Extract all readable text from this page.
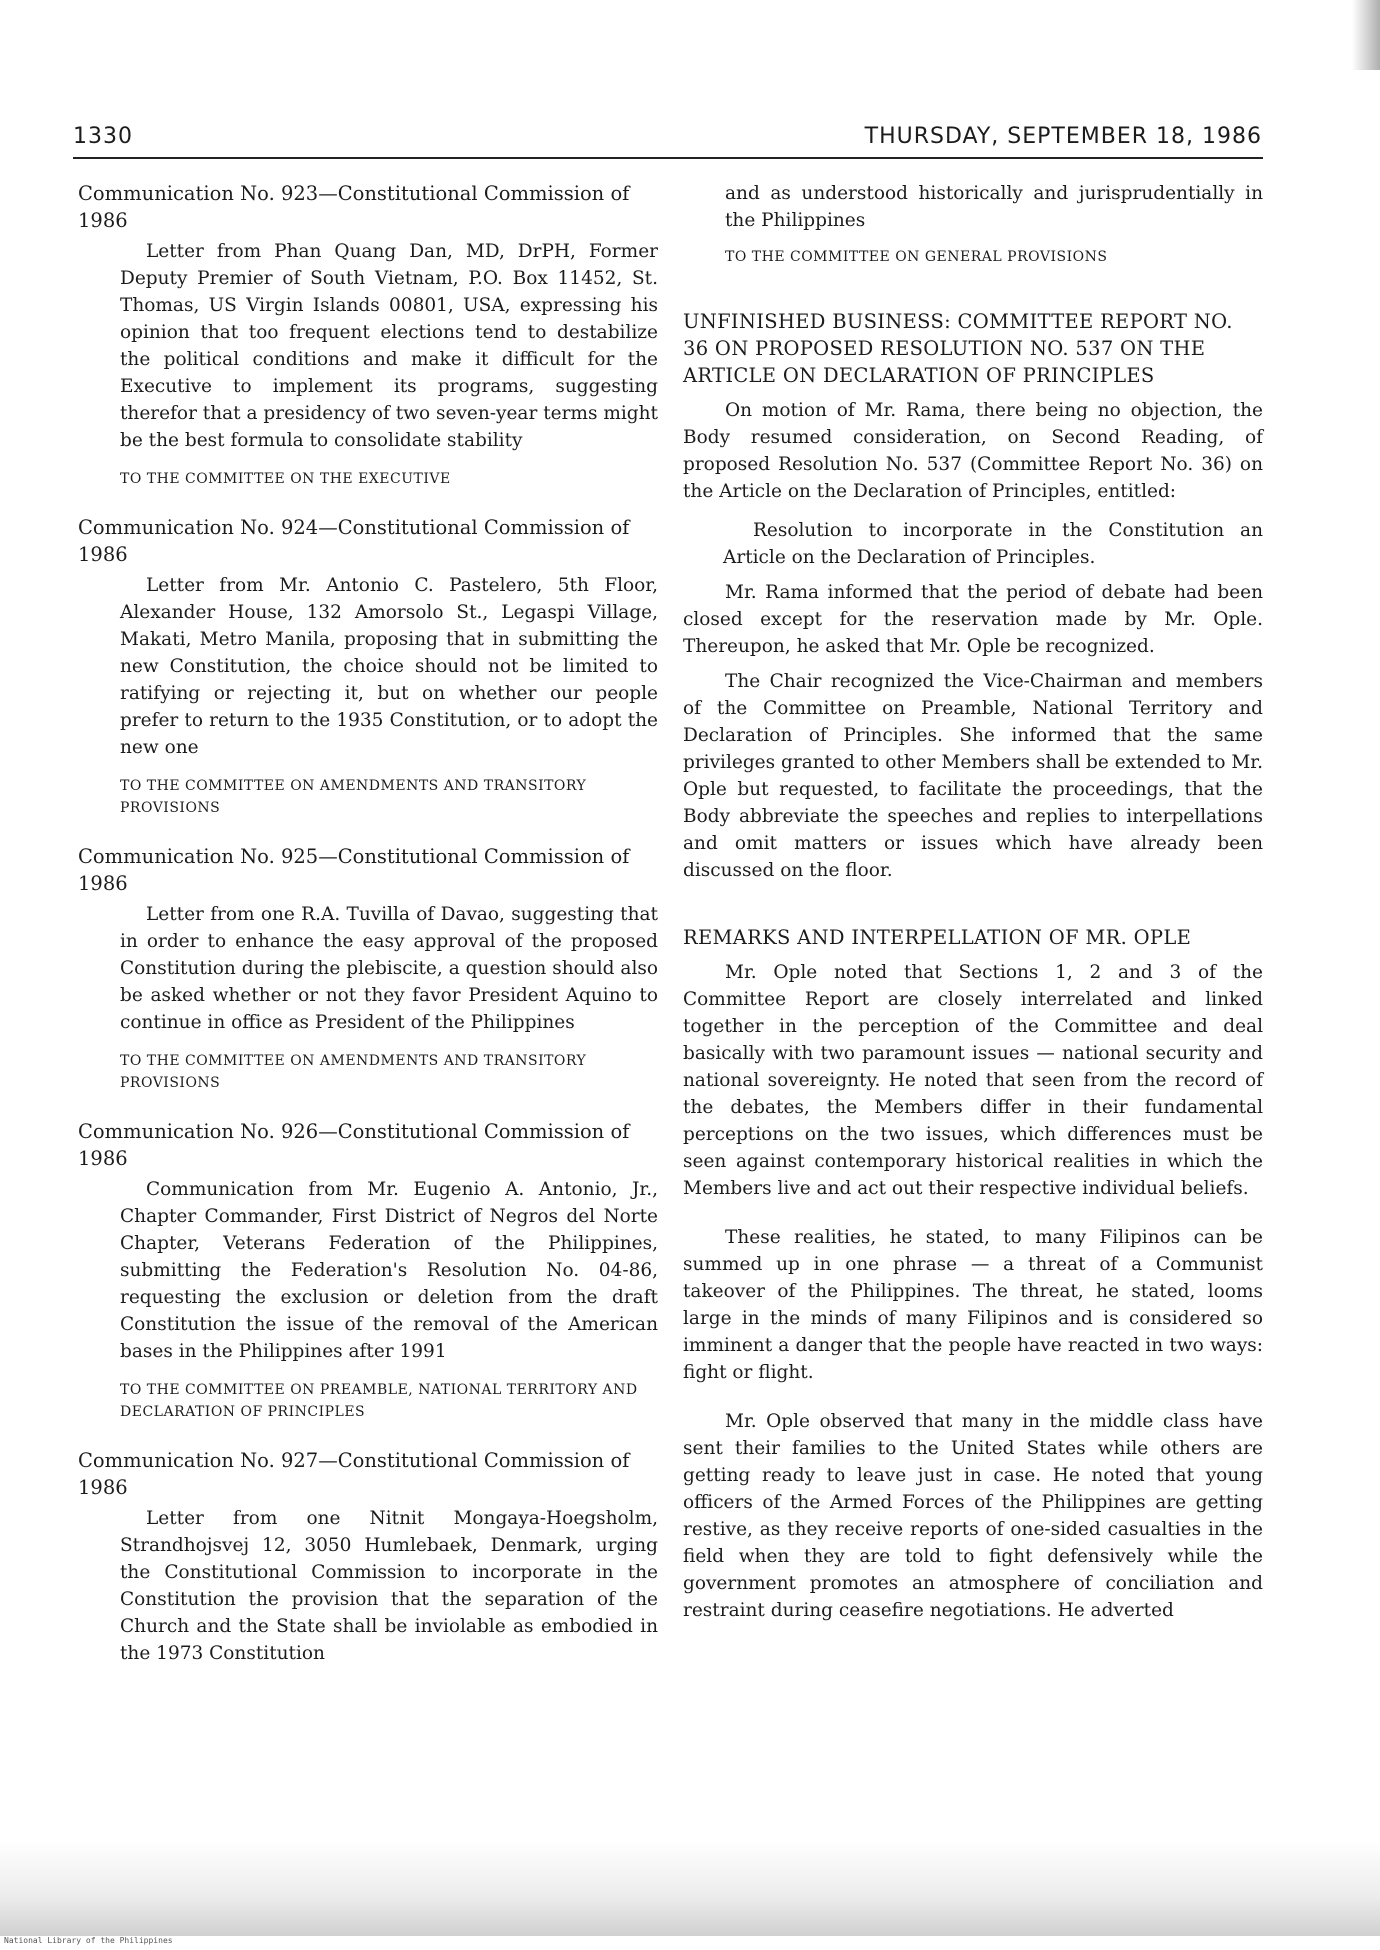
1330	THURSDAY, SEPTEMBER 18, 1986

Communication No. 923—Constitutional Commission of 1986

Letter from Phan Quang Dan, MD, DrPH, Former Deputy Premier of South Vietnam, P.O. Box 11452, St. Thomas, US Virgin Islands 00801, USA, expressing his opinion that too frequent elections tend to destabilize the political conditions and make it difficult for the Executive to implement its programs, suggesting therefor that a presidency of two seven-year terms might be the best formula to consolidate stability

TO THE COMMITTEE ON THE EXECUTIVE

Communication No. 924—Constitutional Commission of 1986

Letter from Mr. Antonio C. Pastelero, 5th Floor, Alexander House, 132 Amorsolo St., Legaspi Village, Makati, Metro Manila, proposing that in submitting the new Constitution, the choice should not be limited to ratifying or rejecting it, but on whether our people prefer to return to the 1935 Constitution, or to adopt the new one

TO THE COMMITTEE ON AMENDMENTS AND TRANSITORY PROVISIONS

Communication No. 925—Constitutional Commission of 1986

Letter from one R.A. Tuvilla of Davao, suggesting that in order to enhance the easy approval of the proposed Constitution during the plebiscite, a question should also be asked whether or not they favor President Aquino to continue in office as President of the Philippines

TO THE COMMITTEE ON AMENDMENTS AND TRANSITORY PROVISIONS

Communication No. 926—Constitutional Commission of 1986

Communication from Mr. Eugenio A. Antonio, Jr., Chapter Commander, First District of Negros del Norte Chapter, Veterans Federation of the Philippines, submitting the Federation's Resolution No. 04-86, requesting the exclusion or deletion from the draft Constitution the issue of the removal of the American bases in the Philippines after 1991

TO THE COMMITTEE ON PREAMBLE, NATIONAL TERRITORY AND DECLARATION OF PRINCIPLES

Communication No. 927—Constitutional Commission of 1986

Letter from one Nitnit Mongaya-Hoegsholm, Strandhojsvej 12, 3050 Humlebaek, Denmark, urging the Constitutional Commission to incorporate in the Constitution the provision that the separation of the Church and the State shall be inviolable as embodied in the 1973 Constitution

and as understood historically and jurisprudentially in the Philippines

TO THE COMMITTEE ON GENERAL PROVISIONS

UNFINISHED BUSINESS: COMMITTEE REPORT NO. 36 ON PROPOSED RESOLUTION NO. 537 ON THE ARTICLE ON DECLARATION OF PRINCIPLES

On motion of Mr. Rama, there being no objection, the Body resumed consideration, on Second Reading, of proposed Resolution No. 537 (Committee Report No. 36) on the Article on the Declaration of Principles, entitled:

Resolution to incorporate in the Constitution an Article on the Declaration of Principles.

Mr. Rama informed that the period of debate had been closed except for the reservation made by Mr. Ople. Thereupon, he asked that Mr. Ople be recognized.

The Chair recognized the Vice-Chairman and members of the Committee on Preamble, National Territory and Declaration of Principles. She informed that the same privileges granted to other Members shall be extended to Mr. Ople but requested, to facilitate the proceedings, that the Body abbreviate the speeches and replies to interpellations and omit matters or issues which have already been discussed on the floor.

REMARKS AND INTERPELLATION OF MR. OPLE

Mr. Ople noted that Sections 1, 2 and 3 of the Committee Report are closely interrelated and linked together in the perception of the Committee and deal basically with two paramount issues — national security and national sovereignty. He noted that seen from the record of the debates, the Members differ in their fundamental perceptions on the two issues, which differences must be seen against contemporary historical realities in which the Members live and act out their respective individual beliefs.

These realities, he stated, to many Filipinos can be summed up in one phrase — a threat of a Communist takeover of the Philippines. The threat, he stated, looms large in the minds of many Filipinos and is considered so imminent a danger that the people have reacted in two ways: fight or flight.

Mr. Ople observed that many in the middle class have sent their families to the United States while others are getting ready to leave just in case. He noted that young officers of the Armed Forces of the Philippines are getting restive, as they receive reports of one-sided casualties in the field when they are told to fight defensively while the government promotes an atmosphere of conciliation and restraint during ceasefire negotiations. He adverted

National Library of the Philippines
